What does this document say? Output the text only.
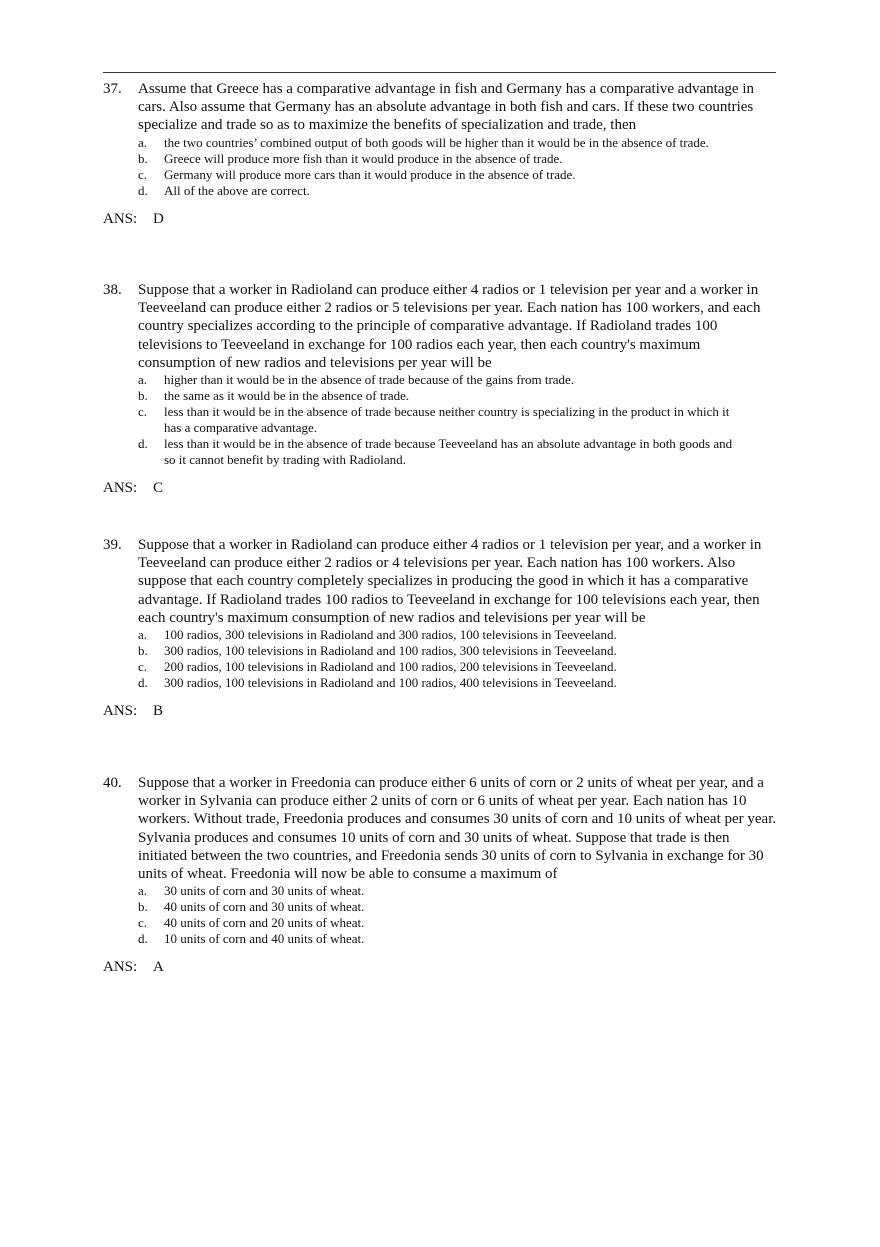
37.	Assume that Greece has a comparative advantage in fish and Germany has a comparative advantage in cars. Also assume that Germany has an absolute advantage in both fish and cars. If these two countries specialize and trade so as to maximize the benefits of specialization and trade, then
a.	the two countries’ combined output of both goods will be higher than it would be in the absence of trade.
b.	Greece will produce more fish than it would produce in the absence of trade.
c.	Germany will produce more cars than it would produce in the absence of trade.
d.	All of the above are correct.
ANS:	D
38.	Suppose that a worker in Radioland can produce either 4 radios or 1 television per year and a worker in Teeveeland can produce either 2 radios or 5 televisions per year. Each nation has 100 workers, and each country specializes according to the principle of comparative advantage. If Radioland trades 100 televisions to Teeveeland in exchange for 100 radios each year, then each country's maximum consumption of new radios and televisions per year will be
a.	higher than it would be in the absence of trade because of the gains from trade.
b.	the same as it would be in the absence of trade.
c.	less than it would be in the absence of trade because neither country is specializing in the product in which it has a comparative advantage.
d.	less than it would be in the absence of trade because Teeveeland has an absolute advantage in both goods and so it cannot benefit by trading with Radioland.
ANS:	C
39.	Suppose that a worker in Radioland can produce either 4 radios or 1 television per year, and a worker in Teeveeland can produce either 2 radios or 4 televisions per year. Each nation has 100 workers. Also suppose that each country completely specializes in producing the good in which it has a comparative advantage. If Radioland trades 100 radios to Teeveeland in exchange for 100 televisions each year, then each country's maximum consumption of new radios and televisions per year will be
a.	100 radios, 300 televisions in Radioland and 300 radios, 100 televisions in Teeveeland.
b.	300 radios, 100 televisions in Radioland and 100 radios, 300 televisions in Teeveeland.
c.	200 radios, 100 televisions in Radioland and 100 radios, 200 televisions in Teeveeland.
d.	300 radios, 100 televisions in Radioland and 100 radios, 400 televisions in Teeveeland.
ANS:	B
40.	Suppose that a worker in Freedonia can produce either 6 units of corn or 2 units of wheat per year, and a worker in Sylvania can produce either 2 units of corn or 6 units of wheat per year. Each nation has 10 workers. Without trade, Freedonia produces and consumes 30 units of corn and 10 units of wheat per year. Sylvania produces and consumes 10 units of corn and 30 units of wheat. Suppose that trade is then initiated between the two countries, and Freedonia sends 30 units of corn to Sylvania in exchange for 30 units of wheat. Freedonia will now be able to consume a maximum of
a.	30 units of corn and 30 units of wheat.
b.	40 units of corn and 30 units of wheat.
c.	40 units of corn and 20 units of wheat.
d.	10 units of corn and 40 units of wheat.
ANS:	A
